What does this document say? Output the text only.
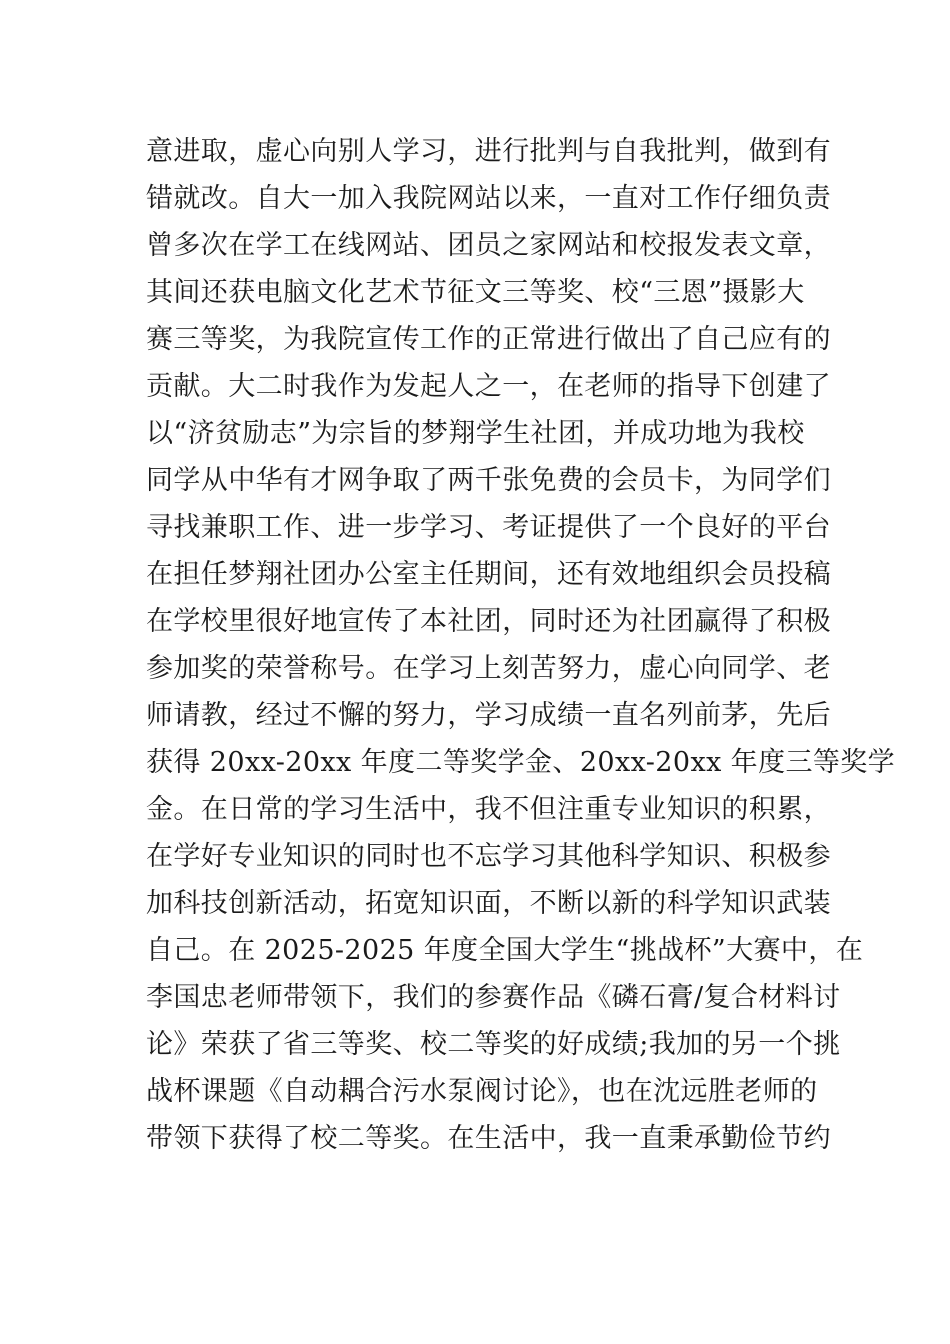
意进取，虚心向别人学习，进行批判与自我批判，做到有
错就改。自大一加入我院网站以来，一直对工作仔细负责
曾多次在学工在线网站、团员之家网站和校报发表文章，
其间还获电脑文化艺术节征文三等奖、校“三恩”摄影大
赛三等奖，为我院宣传工作的正常进行做出了自己应有的
贡献。大二时我作为发起人之一，在老师的指导下创建了
以“济贫励志”为宗旨的梦翔学生社团，并成功地为我校
同学从中华有才网争取了两千张免费的会员卡，为同学们
寻找兼职工作、进一步学习、考证提供了一个良好的平台
在担任梦翔社团办公室主任期间，还有效地组织会员投稿
在学校里很好地宣传了本社团，同时还为社团赢得了积极
参加奖的荣誉称号。在学习上刻苦努力，虚心向同学、老
师请教，经过不懈的努力，学习成绩一直名列前茅，先后
获得 20xx-20xx 年度二等奖学金、20xx-20xx 年度三等奖学
金。在日常的学习生活中，我不但注重专业知识的积累，
在学好专业知识的同时也不忘学习其他科学知识、积极参
加科技创新活动，拓宽知识面，不断以新的科学知识武装
自己。在 2025-2025 年度全国大学生“挑战杯”大赛中，在
李国忠老师带领下，我们的参赛作品《磷石膏/复合材料讨
论》荣获了省三等奖、校二等奖的好成绩;我加的另一个挑
战杯课题《自动耦合污水泵阀讨论》，也在沈远胜老师的
带领下获得了校二等奖。在生活中，我一直秉承勤俭节约
